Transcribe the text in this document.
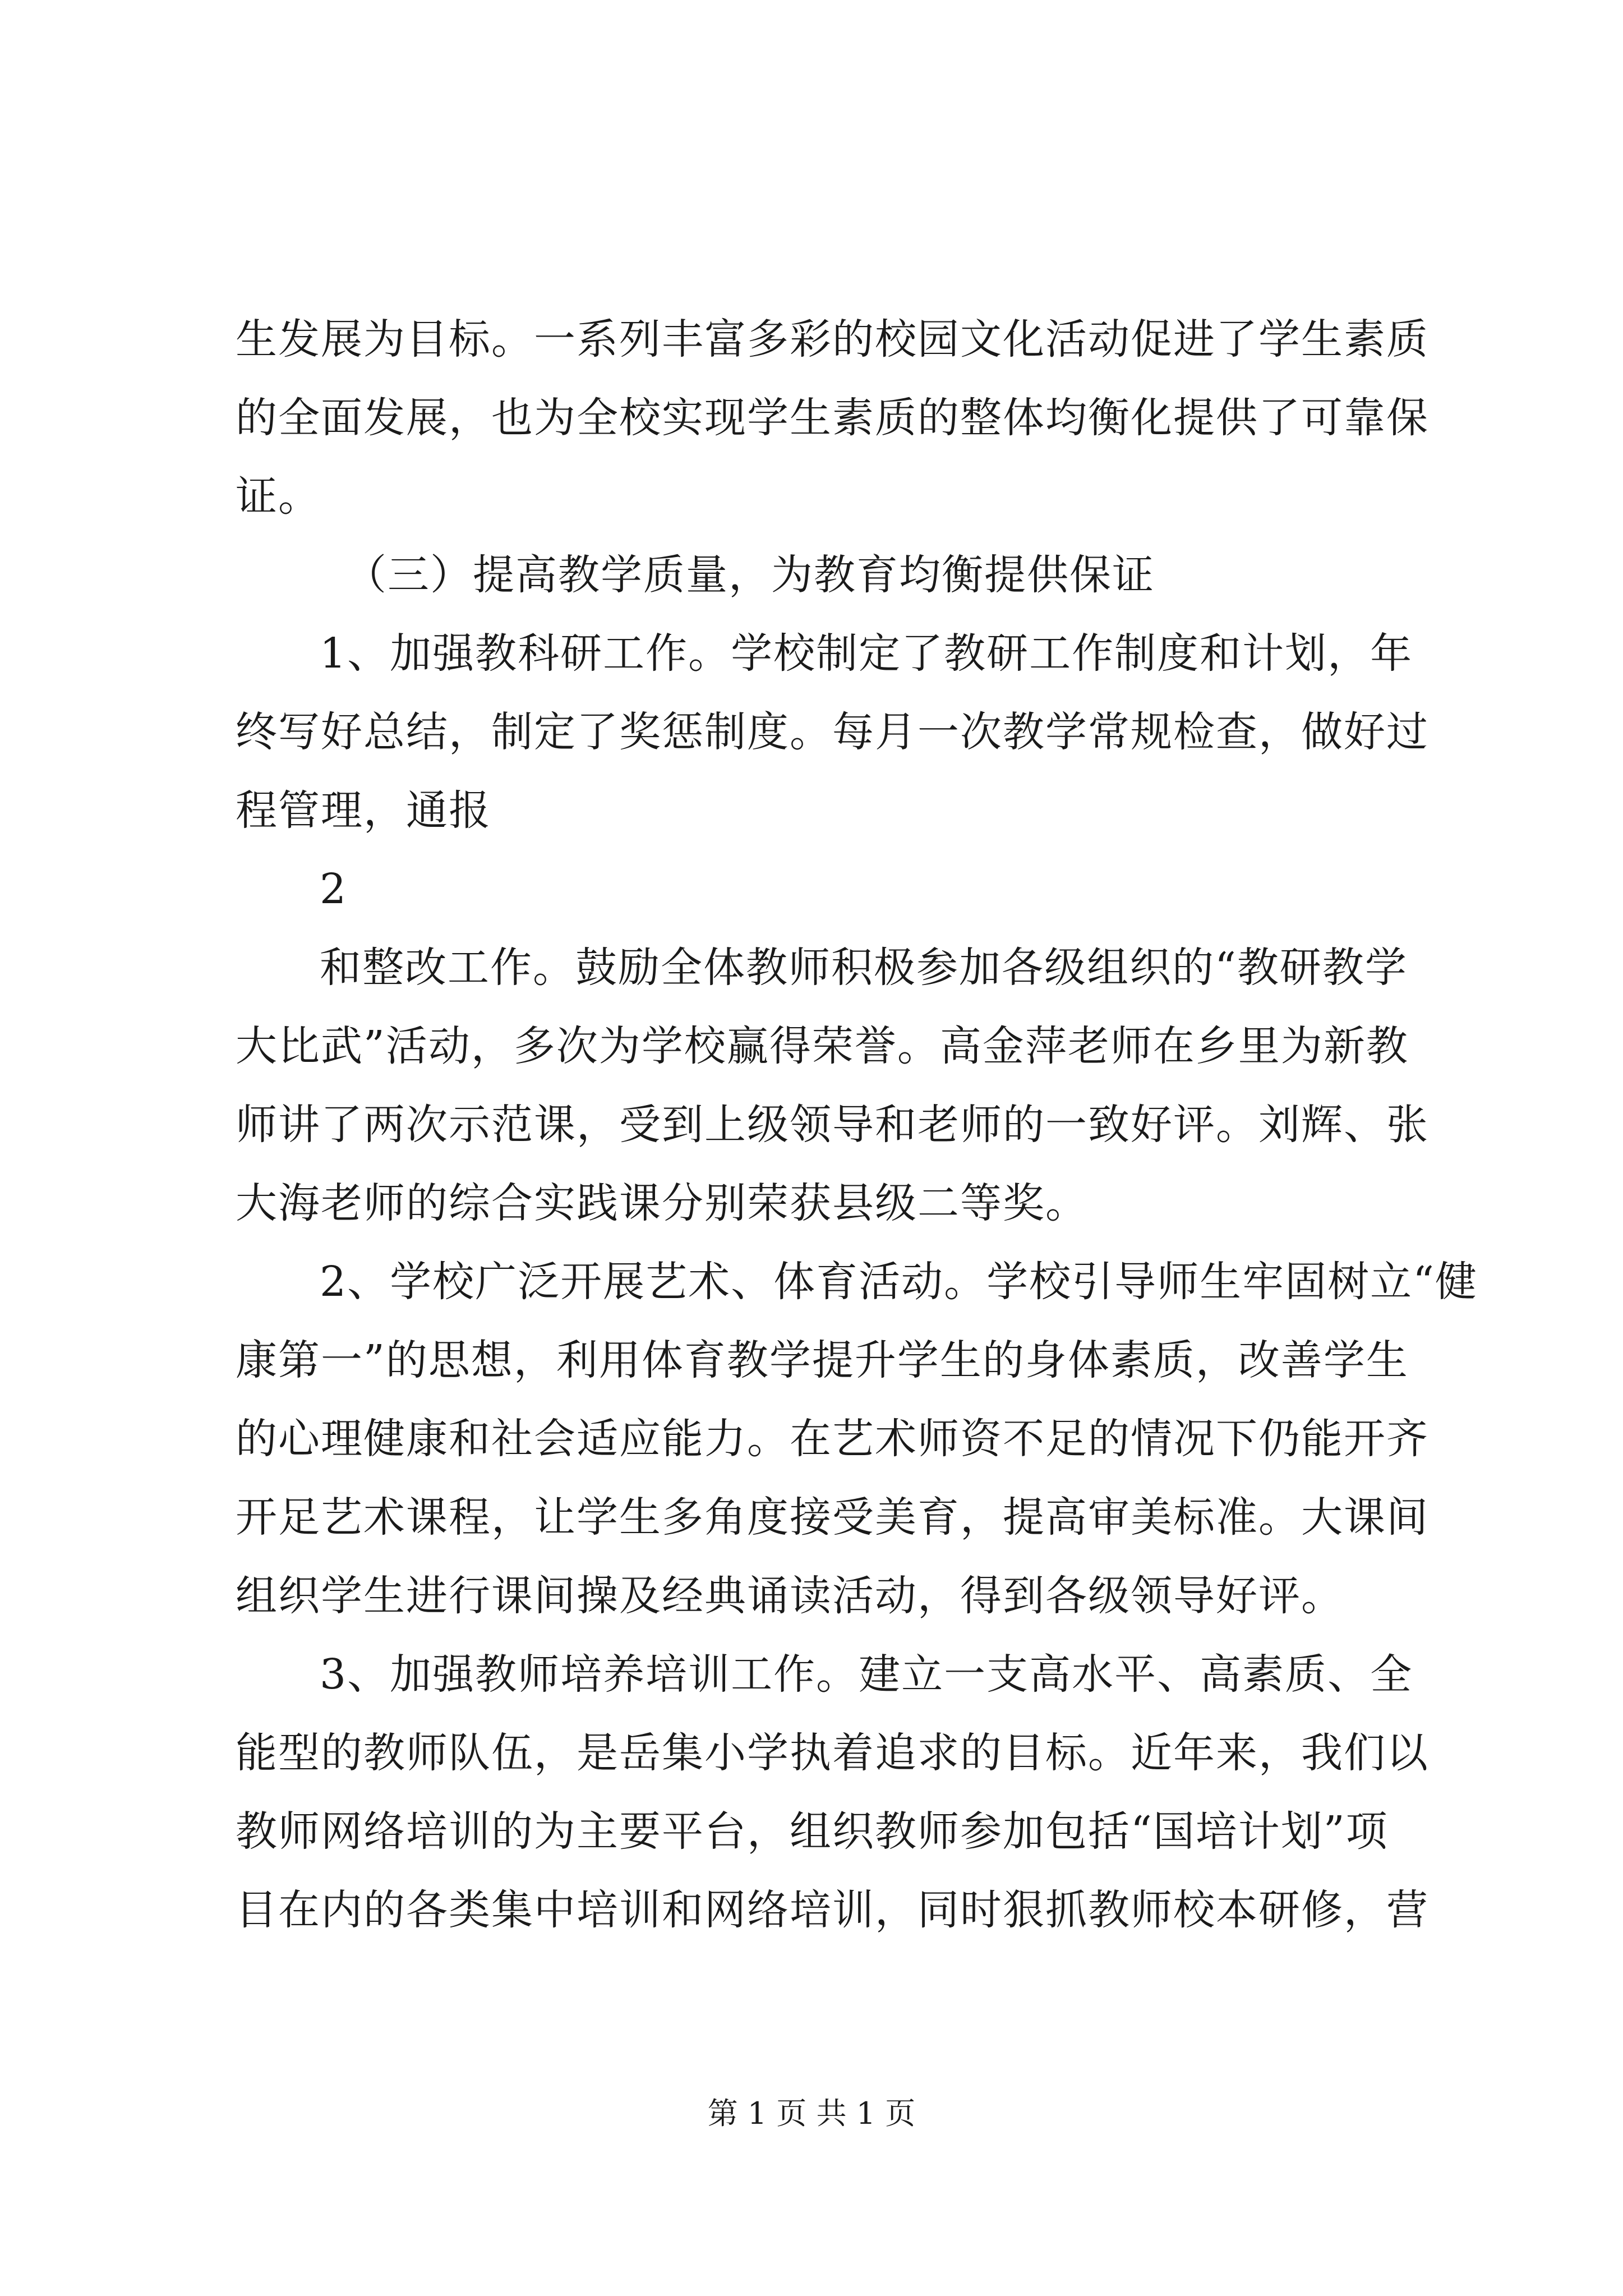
生发展为目标。一系列丰富多彩的校园文化活动促进了学生素质
的全面发展，也为全校实现学生素质的整体均衡化提供了可靠保
证。
（三）提高教学质量，为教育均衡提供保证
1、加强教科研工作。学校制定了教研工作制度和计划，年
终写好总结，制定了奖惩制度。每月一次教学常规检查，做好过
程管理，通报
2
和整改工作。鼓励全体教师积极参加各级组织的“教研教学
大比武”活动，多次为学校赢得荣誉。高金萍老师在乡里为新教
师讲了两次示范课，受到上级领导和老师的一致好评。刘辉、张
大海老师的综合实践课分别荣获县级二等奖。
2、学校广泛开展艺术、体育活动。学校引导师生牢固树立“健
康第一”的思想，利用体育教学提升学生的身体素质，改善学生
的心理健康和社会适应能力。在艺术师资不足的情况下仍能开齐
开足艺术课程，让学生多角度接受美育，提高审美标准。大课间
组织学生进行课间操及经典诵读活动，得到各级领导好评。
3、加强教师培养培训工作。建立一支高水平、高素质、全
能型的教师队伍，是岳集小学执着追求的目标。近年来，我们以
教师网络培训的为主要平台，组织教师参加包括“国培计划”项
目在内的各类集中培训和网络培训，同时狠抓教师校本研修，营
第 1 页 共 1 页
